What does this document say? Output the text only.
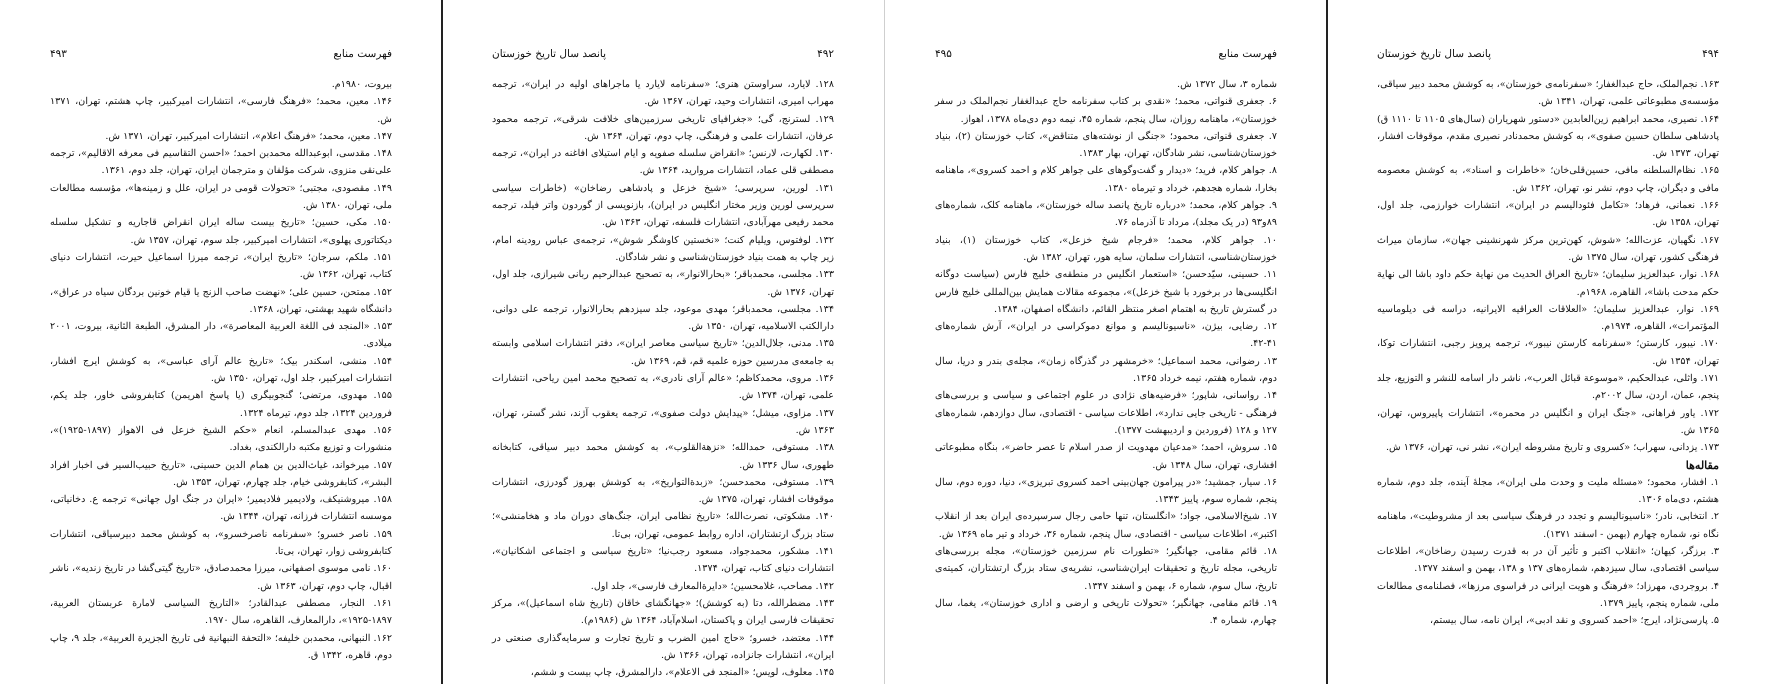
فهرست منابع
۴۹۳

بیروت، ۱۹۸۰م.

۱۴۶. معین، محمد؛ «فرهنگ فارسی»، انتشارات امیرکبیر، چاپ هشتم، تهران، ۱۳۷۱ ش.

۱۴۷. معین، محمد؛ «فرهنگ اعلام»، انتشارات امیرکبیر، تهران، ۱۳۷۱ ش.

۱۴۸. مقدسی، ابوعبدالله محمدبن احمد؛ «احسن التقاسیم فی معرفه الاقالیم»، ترجمه علی‌نقی منزوی، شرکت مؤلفان و مترجمان ایران، تهران، جلد دوم، ۱۳۶۱.

۱۴۹. مقصودی، مجتبی؛ «تحولات قومی در ایران، علل و زمینه‌ها»، مؤسسه مطالعات ملی، تهران، ۱۳۸۰ ش.

۱۵۰. مکی، حسین؛ «تاریخ بیست ساله ایران انقراض قاجاریه و تشکیل سلسله دیکتاتوری پهلوی»، انتشارات امیرکبیر، جلد سوم، تهران، ۱۳۵۷ ش.

۱۵۱. ملکم، سرجان؛ «تاریخ ایران»، ترجمه میرزا اسماعیل حیرت، انتشارات دنیای کتاب، تهران، ۱۳۶۲ ش.

۱۵۲. ممتحن، حسین علی؛ «نهضت صاحب الزنج یا قیام خونین بردگان سیاه در عراق»، دانشگاه شهید بهشتی، تهران، ۱۳۶۸.

۱۵۳. «المنجد فی اللغة العربیة المعاصرة»، دار المشرق، الطبعة الثانیة، بیروت، ۲۰۰۱ میلادی.

۱۵۴. منشی، اسکندر بیک؛ «تاریخ عالم آرای عباسی»، به کوشش ایرج افشار، انتشارات امیرکبیر، جلد اول، تهران، ۱۳۵۰ ش.

۱۵۵. مهدوی، مرتضی؛ گنجوبیگری (یا پاسخ اهریمن) کتابفروشی خاور، جلد یکم، فروردین ۱۳۲۴، جلد دوم، تیرماه ۱۳۲۴.

۱۵۶. مهدی عبدالمسلم، انعام «حکم الشیخ خزعل فی الاهواز (۱۸۹۷-۱۹۲۵)»، منشورات و توزیع مکتبه دارالکندی، بغداد.

۱۵۷. میرخواند، غیاث‌الدین بن همام الدین حسینی، «تاریخ حبیب‌السیر فی اخبار افراد البشر»، کتابفروشی خیام، جلد چهارم، تهران، ۱۳۵۳ ش.

۱۵۸. میروشنیکف، ولادیمیر فلادیمیر؛ «ایران در جنگ اول جهانی» ترجمه ع. دخانیاتی، موسسه انتشارات فرزانه، تهران، ۱۳۴۴ ش.

۱۵۹. ناصر خسرو؛ «سفرنامه ناصرخسرو»، به کوشش محمد دبیرسیاقی، انتشارات کتابفروشی زوار، تهران، بی‌تا.

۱۶۰. نامی موسوی اصفهانی، میرزا محمدصادق، «تاریخ گیتی‌گشا در تاریخ زندیه»، ناشر اقبال، چاپ دوم، تهران، ۱۳۶۳ ش.

۱۶۱. النجار، مصطفی عبدالقادر؛ «التاریخ السیاسی لامارة عربستان العربیة، ۱۸۹۷-۱۹۲۵»، دارالمعارف، القاهره، سال ۱۹۷۰.

۱۶۲. النبهانی، محمدبن خلیفه؛ «التحفة النبهانیة فی تاریخ الجزیرة العربیة»، جلد ۹، چاپ دوم، قاهره، ۱۳۴۲ ق.

۴۹۲
پانصد سال تاریخ خوزستان

۱۲۸. لایارد، سراوستن هنری؛ «سفرنامه لایارد یا ماجراهای اولیه در ایران»، ترجمه مهراب امیری، انتشارات وحید، تهران، ۱۳۶۷ ش.

۱۲۹. لسترنج، گی؛ «جغرافیای تاریخی سرزمین‌های خلافت شرقی»، ترجمه محمود عرفان، انتشارات علمی و فرهنگی، چاپ دوم، تهران، ۱۳۶۴ ش.

۱۳۰. لکهارت، لارنس؛ «انقراض سلسله صفویه و ایام استیلای افاغنه در ایران»، ترجمه مصطفی قلی عماد، انتشارات مروارید، ۱۳۶۴ ش.

۱۳۱. لورین، سرپرسی؛ «شیخ خزعل و پادشاهی رضاخان» (خاطرات سیاسی سرپرسی لورین وزیر مختار انگلیس در ایران)، بازنویسی از گوردون واتر فیلد، ترجمه محمد رفیعی مهرآبادی، انتشارات فلسفه، تهران، ۱۳۶۳ ش.

۱۳۲. لوفتوس، ویلیام کنت؛ «نخستین کاوشگر شوش»، ترجمه‌ی عباس رودینه امام، زیر چاپ به همت بنیاد خوزستان‌شناسی و نشر شادگان.

۱۳۳. مجلسی، محمدباقر؛ «بحارالانوار»، به تصحیح عبدالرحیم ربانی شیرازی، جلد اول، تهران، ۱۳۷۶ ش.

۱۳۴. مجلسی، محمدباقر؛ مهدی موعود، جلد سیزدهم بحارالانوار، ترجمه علی دوانی، دارالکتب الاسلامیه، تهران، ۱۳۵۰ ش.

۱۳۵. مدنی، جلال‌الدین؛ «تاریخ سیاسی معاصر ایران»، دفتر انتشارات اسلامی وابسته به جامعه‌ی مدرسین حوزه علمیه قم، قم، ۱۳۶۹ ش.

۱۳۶. مروی، محمدکاظم؛ «عالم آرای نادری»، به تصحیح محمد امین ریاحی، انتشارات علمی، تهران، ۱۳۷۴ ش.

۱۳۷. مزاوی، میشل؛ «پیدایش دولت صفوی»، ترجمه یعقوب آژند، نشر گستر، تهران، ۱۳۶۳ ش.

۱۳۸. مستوفی، حمدالله؛ «نزهةالقلوب»، به کوشش محمد دبیر سیاقی، کتابخانه طهوری، سال ۱۳۳۶ ش.

۱۳۹. مستوفی، محمدحسن؛ «زبدةالتواریخ»، به کوشش بهروز گودرزی، انتشارات موقوفات افشار، تهران، ۱۳۷۵ ش.

۱۴۰. مشکوتی، نصرت‌الله؛ «تاریخ نظامی ایران، جنگ‌های دوران ماد و هخامنشی»؛ ستاد بزرگ ارتشتاران، اداره روابط عمومی، تهران، بی‌تا.

۱۴۱. مشکور، محمدجواد، مسعود رجب‌نیا؛ «تاریخ سیاسی و اجتماعی اشکانیان»، انتشارات دنیای کتاب، تهران، ۱۳۷۴.

۱۴۲. مصاحب، غلامحسین؛ «دایرةالمعارف فارسی»، جلد اول.

۱۴۳. مضطرالله، دتا (به کوشش)؛ «جهانگشای خاقان (تاریخ شاه اسماعیل)»، مرکز تحقیقات فارسی ایران و پاکستان، اسلام‌آباد، ۱۳۶۴ ش (۱۹۸۶م).

۱۴۴. معتضد، خسرو؛ «حاج امین الضرب و تاریخ تجارت و سرمایه‌گذاری صنعتی در ایران»، انتشارات جانزاده، تهران، ۱۳۶۶ ش.

۱۴۵. معلوف، لویس؛ «المنجد فی الاعلام»، دارالمشرق، چاپ بیست و ششم،

فهرست منابع
۴۹۵

شماره ۳، سال ۱۳۷۲ ش.

۶. جعفری قنواتی، محمد؛ «نقدی بر کتاب سفرنامه حاج عبدالغفار نجم‌الملک در سفر خوزستان»، ماهنامه روزان، سال پنجم، شماره ۴۵، نیمه دوم دی‌ماه ۱۳۷۸، اهواز.

۷. جعفری قنواتی، محمود؛ «جنگی از نوشته‌های متناقض»، کتاب خوزستان (۲)، بنیاد خوزستان‌شناسی، نشر شادگان، تهران، بهار ۱۳۸۳.

۸. جواهر کلام، فرید؛ «دیدار و گفت‌وگوهای علی جواهر کلام و احمد کسروی»، ماهنامه بخارا، شماره هجدهم، خرداد و تیرماه ۱۳۸۰.

۹. جواهر کلام، محمد؛ «درباره تاریخ پانصد ساله خوزستان»، ماهنامه کلک، شماره‌های ۸۹و۹۳ (در یک مجلد)، مرداد تا آذرماه ۷۶.

۱۰. جواهر کلام، محمد؛ «فرجام شیخ خزعل»، کتاب خوزستان (۱)، بنیاد خوزستان‌شناسی، انتشارات سلمان، سایه هور، تهران، ۱۳۸۲ ش.

۱۱. حسینی، سیّدحسن؛ «استعمار انگلیس در منطقه‌ی خلیج فارس (سیاست دوگانه انگلیسی‌ها در برخورد با شیخ خزعل)»، مجموعه مقالات همایش بین‌المللی خلیج فارس در گسترش تاریخ به اهتمام اصغر منتظر القائم، دانشگاه اصفهان، ۱۳۸۴.

۱۲. رضایی، بیژن، «ناسیونالیسم و موانع دموکراسی در ایران»، آرش شماره‌های ۴۱-۴۲.

۱۳. رضوانی، محمد اسماعیل؛ «خرمشهر در گذرگاه زمان»، مجله‌ی بندر و دریا، سال دوم، شماره هفتم، نیمه خرداد ۱۳۶۵.

۱۴. رواسانی، شاپور؛ «فرضیه‌های نژادی در علوم اجتماعی و سیاسی و بررسی‌های فرهنگی - تاریخی جایی ندارد»، اطلاعات سیاسی - اقتصادی، سال دوازدهم، شماره‌های ۱۲۷ و ۱۲۸ (فروردین و اردیبهشت ۱۳۷۷).

۱۵. سروش، احمد؛ «مدعیان مهدویت از صدر اسلام تا عصر حاضر»، بنگاه مطبوعاتی افشاری، تهران، سال ۱۳۴۸ ش.

۱۶. سیار، جمشید؛ «در پیرامون جهان‌بینی احمد کسروی تبریزی»، دنیا، دوره دوم، سال پنجم، شماره سوم، پاییز ۱۳۴۳.

۱۷. شیخ‌الاسلامی، جواد؛ «انگلستان، تنها حامی رجال سرسپرده‌ی ایران بعد از انقلاب اکتبر»، اطلاعات سیاسی - اقتصادی، سال پنجم، شماره ۳۶، خرداد و تیر ماه ۱۳۶۹ ش.

۱۸. قائم مقامی، جهانگیر؛ «تطورات نام سرزمین خوزستان»، مجله بررسی‌های تاریخی، مجله تاریخ و تحقیقات ایران‌شناسی، نشریه‌ی ستاد بزرگ ارتشتاران، کمیته‌ی تاریخ، سال سوم، شماره ۶، بهمن و اسفند ۱۳۴۷.

۱۹. قائم مقامی، جهانگیر؛ «تحولات تاریخی و ارضی و اداری خوزستان»، یغما، سال چهارم، شماره ۴.

۴۹۴
پانصد سال تاریخ خوزستان

۱۶۳. نجم‌الملک، حاج عبدالغفار؛ «سفرنامه‌ی خوزستان»، به کوشش محمد دبیر سیاقی، مؤسسه‌ی مطبوعاتی علمی، تهران، ۱۳۴۱ ش.

۱۶۴. نصیری، محمد ابراهیم زین‌العابدین «دستور شهریاران (سال‌های ۱۱۰۵ تا ۱۱۱۰ ق) پادشاهی سلطان حسین صفوی»، به کوشش محمدنادر نصیری مقدم، موقوفات افشار، تهران، ۱۳۷۳ ش.

۱۶۵. نظام‌السلطنه مافی، حسین‌قلی‌خان؛ «خاطرات و اسناد»، به کوشش معصومه مافی و دیگران، چاپ دوم، نشر نو، تهران، ۱۳۶۲ ش.

۱۶۶. نعمانی، فرهاد؛ «تکامل فئودالیسم در ایران»، انتشارات خوارزمی، جلد اول، تهران، ۱۳۵۸ ش.

۱۶۷. نگهبان، عزت‌الله؛ «شوش، کهن‌ترین مرکز شهرنشینی جهان»، سازمان میراث فرهنگی کشور، تهران، سال ۱۳۷۵ ش.

۱۶۸. نوار، عبدالعزیز سلیمان؛ «تاریخ العراق الحدیث من نهایة حکم داود باشا الی نهایة حکم مدحت باشا»، القاهره، ۱۹۶۸م.

۱۶۹. نوار، عبدالعزیز سلیمان؛ «العلاقات العراقیه الایرانیه، دراسه فی دیلوماسیه المؤتمرات»، القاهره، ۱۹۷۴م.

۱۷۰. نیبور، کارستن؛ «سفرنامه کارستن نیبور»، ترجمه پرویز رجبی، انتشارات توکا، تهران، ۱۳۵۴ ش.

۱۷۱. واثلی، عبدالحکیم، «موسوعة قبائل العرب»، ناشر دار اسامه للنشر و التوزیع، جلد پنجم، عمان، اردن، سال ۲۰۰۲م.

۱۷۲. یاور فراهانی، «جنگ ایران و انگلیس در محمره»، انتشارات پاپیروس، تهران، ۱۳۶۵ ش.

۱۷۳. یزدانی، سهراب؛ «کسروی و تاریخ مشروطه ایران»، نشر نی، تهران، ۱۳۷۶ ش.

مقاله‌ها

۱. افشار، محمود؛ «مسئله ملیت و وحدت ملی ایران»، مجلهٔ آینده، جلد دوم، شماره هشتم، دی‌ماه ۱۳۰۶.

۲. انتخابی، نادر؛ «ناسیونالیسم و تجدد در فرهنگ سیاسی بعد از مشروطیت»، ماهنامه نگاه نو، شماره چهارم (بهمن - اسفند ۱۳۷۱).

۳. برزگر، کیهان؛ «انقلاب اکتبر و تأثیر آن در به قدرت رسیدن رضاخان»، اطلاعات سیاسی اقتصادی، سال سیزدهم، شماره‌های ۱۳۷ و ۱۳۸، بهمن و اسفند ۱۳۷۷.

۴. بروجردی، مهرزاد؛ «فرهنگ و هویت ایرانی در فراسوی مرزها»، فصلنامه‌ی مطالعات ملی، شماره پنجم، پاییز ۱۳۷۹.

۵. پارسی‌نژاد، ایرج؛ «احمد کسروی و نقد ادبی»، ایران نامه، سال بیستم،
